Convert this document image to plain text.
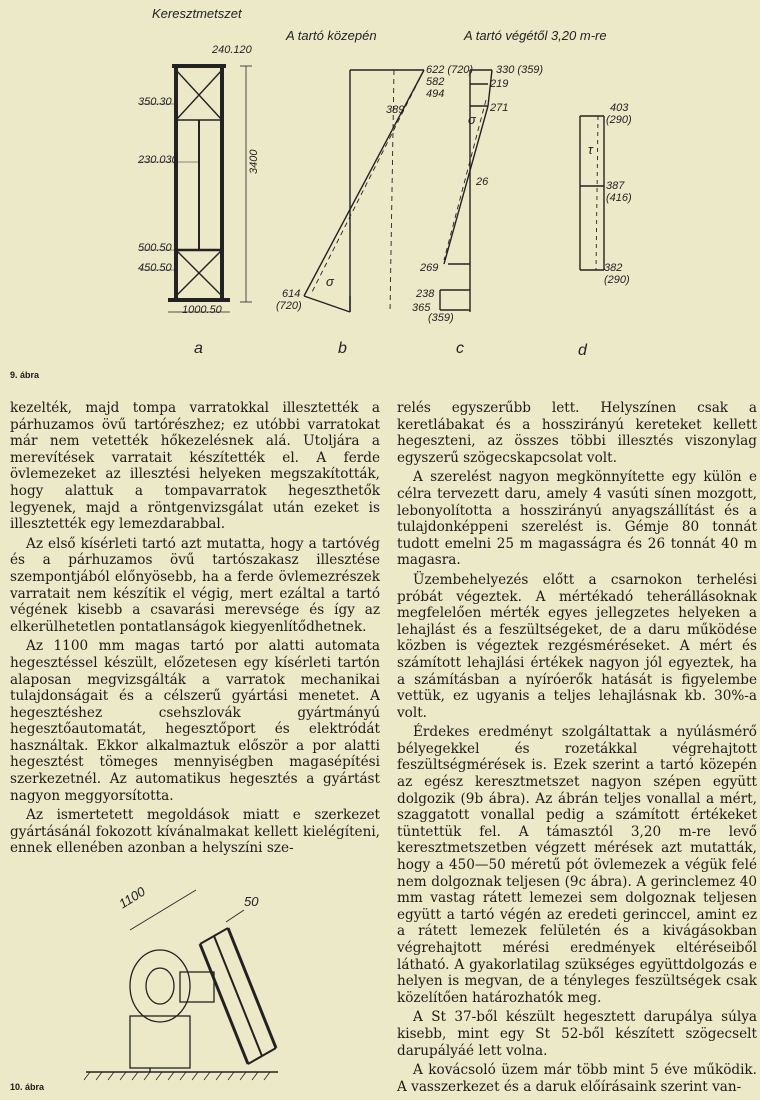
Keresztmetszet
A tartó közepén	A tartó végétől 3,20 m-re
240.120
350.30
230.030	3400
500.50
450.50
1000.50
622 (720)
582
494
389
614
(720)
σ
330 (359)
219
271
26
269
238
365
(359)
σ
403
(290)
387
(416)
382
(290)
τ
a	b	c	d
9. ábra

kezelték, majd tompa varratokkal illesztették a párhuzamos övű tartórészhez; ez utóbbi varratokat már nem vetették hőkezelésnek alá. Utoljára a merevítések varratait készítették el. A ferde övlemezeket az illesztési helyeken megszakították, hogy alattuk a tompavarratok hegeszthetők legyenek, majd a röntgenvizsgálat után ezeket is illesztették egy lemezdarabbal.

Az első kísérleti tartó azt mutatta, hogy a tartóvég és a párhuzamos övű tartószakasz illesztése szempontjából előnyösebb, ha a ferde övlemezrészek varratait nem készítik el végig, mert ezáltal a tartó végének kisebb a csavarási merevsége és így az elkerülhetetlen pontatlanságok kiegyenlítődhetnek.

Az 1100 mm magas tartó por alatti automata hegesztéssel készült, előzetesen egy kísérleti tartón alaposan megvizsgálták a varratok mechanikai tulajdonságait és a célszerű gyártási menetet. A hegesztéshez csehszlovák gyártmányú hegesztőautomatát, hegesztőport és elektródát használtak. Ekkor alkalmaztuk először a por alatti hegesztést tömeges mennyiségben magasépítési szerkezetnél. Az automatikus hegesztés a gyártást nagyon meggyorsította.

Az ismertetett megoldások miatt e szerkezet gyártásánál fokozott kívánalmakat kellett kielégíteni, ennek ellenében azonban a helyszíni sze-

1100	50
10. ábra

relés egyszerűbb lett. Helyszínen csak a keretlábakat és a hosszirányú kereteket kellett hegeszteni, az összes többi illesztés viszonylag egyszerű szögecskapcsolat volt.

A szerelést nagyon megkönnyítette egy külön e célra tervezett daru, amely 4 vasúti sínen mozgott, lebonyolította a hosszirányú anyagszállítást és a tulajdonképpeni szerelést is. Gémje 80 tonnát tudott emelni 25 m magasságra és 26 tonnát 40 m magasra.

Üzembehelyezés előtt a csarnokon terhelési próbát végeztek. A mértékadó teherállásoknak megfelelően mérték egyes jellegzetes helyeken a lehajlást és a feszültségeket, de a daru működése közben is végeztek rezgésméréseket. A mért és számított lehajlási értékek nagyon jól egyeztek, ha a számításban a nyíróerők hatását is figyelembe vettük, ez ugyanis a teljes lehajlásnak kb. 30%-a volt.

Érdekes eredményt szolgáltattak a nyúlásmérő bélyegekkel és rozetákkal végrehajtott feszültségmérések is. Ezek szerint a tartó közepén az egész keresztmetszet nagyon szépen együtt dolgozik (9b ábra). Az ábrán teljes vonallal a mért, szaggatott vonallal pedig a számított értékeket tüntettük fel. A támasztól 3,20 m-re levő keresztmetszetben végzett mérések azt mutatták, hogy a 450—50 méretű pót övlemezek a végük felé nem dolgoznak teljesen (9c ábra). A gerinclemez 40 mm vastag rátett lemezei sem dolgoznak teljesen együtt a tartó végén az eredeti gerinccel, amint ez a rátett lemezek felületén és a kivágásokban végrehajtott mérési eredmények eltéréseiből látható. A gyakorlatilag szükséges együttdolgozás e helyen is megvan, de a tényleges feszültségek csak közelítően határozhatók meg.

A St 37-ből készült hegesztett darupálya súlya kisebb, mint egy St 52-ből készített szögecselt darupályáé lett volna.

A kovácsoló üzem már több mint 5 éve működik. A vasszerkezet és a daruk előírásaink szerint van-
